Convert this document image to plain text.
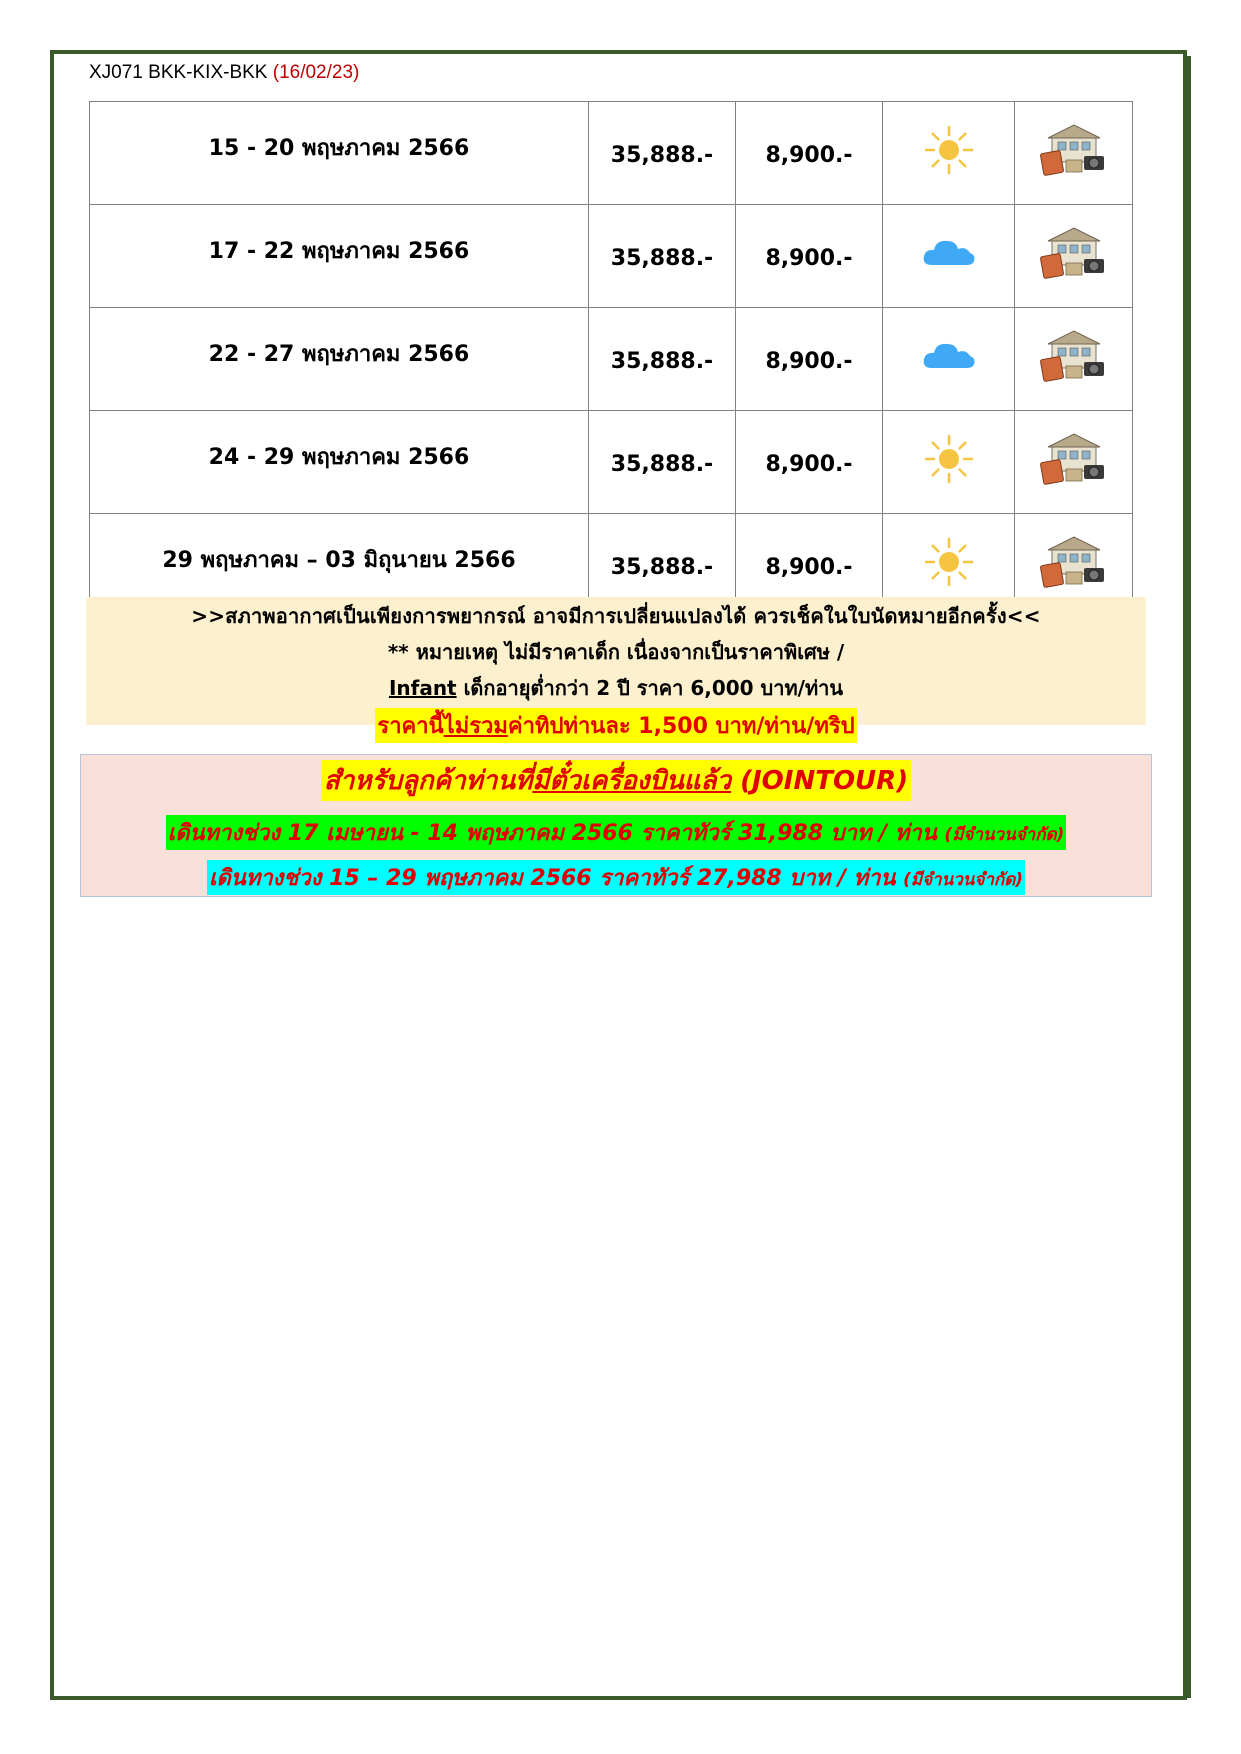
XJ071 BKK-KIX-BKK (16/02/23)
15 - 20 พฤษภาคม 2566	35,888.-	8,900.-		
17 - 22 พฤษภาคม 2566	35,888.-	8,900.-		
22 - 27 พฤษภาคม 2566	35,888.-	8,900.-		
24 - 29 พฤษภาคม 2566	35,888.-	8,900.-		
29 พฤษภาคม – 03 มิถุนายน 2566	35,888.-	8,900.-		
>>สภาพอากาศเป็นเพียงการพยากรณ์ อาจมีการเปลี่ยนแปลงได้ ควรเช็คในใบนัดหมายอีกครั้ง<<
** หมายเหตุ ไม่มีราคาเด็ก เนื่องจากเป็นราคาพิเศษ /
Infant เด็กอายุต่ำกว่า 2 ปี ราคา 6,000 บาท/ท่าน
ราคานี้ไม่รวมค่าทิปท่านละ 1,500 บาท/ท่าน/ทริป
สำหรับลูกค้าท่านที่มีตั๋วเครื่องบินแล้ว (JOINTOUR)
เดินทางช่วง 17 เมษายน - 14 พฤษภาคม 2566 ราคาทัวร์ 31,988 บาท / ท่าน (มีจำนวนจำกัด)
เดินทางช่วง 15 – 29 พฤษภาคม 2566 ราคาทัวร์ 27,988 บาท / ท่าน (มีจำนวนจำกัด)
